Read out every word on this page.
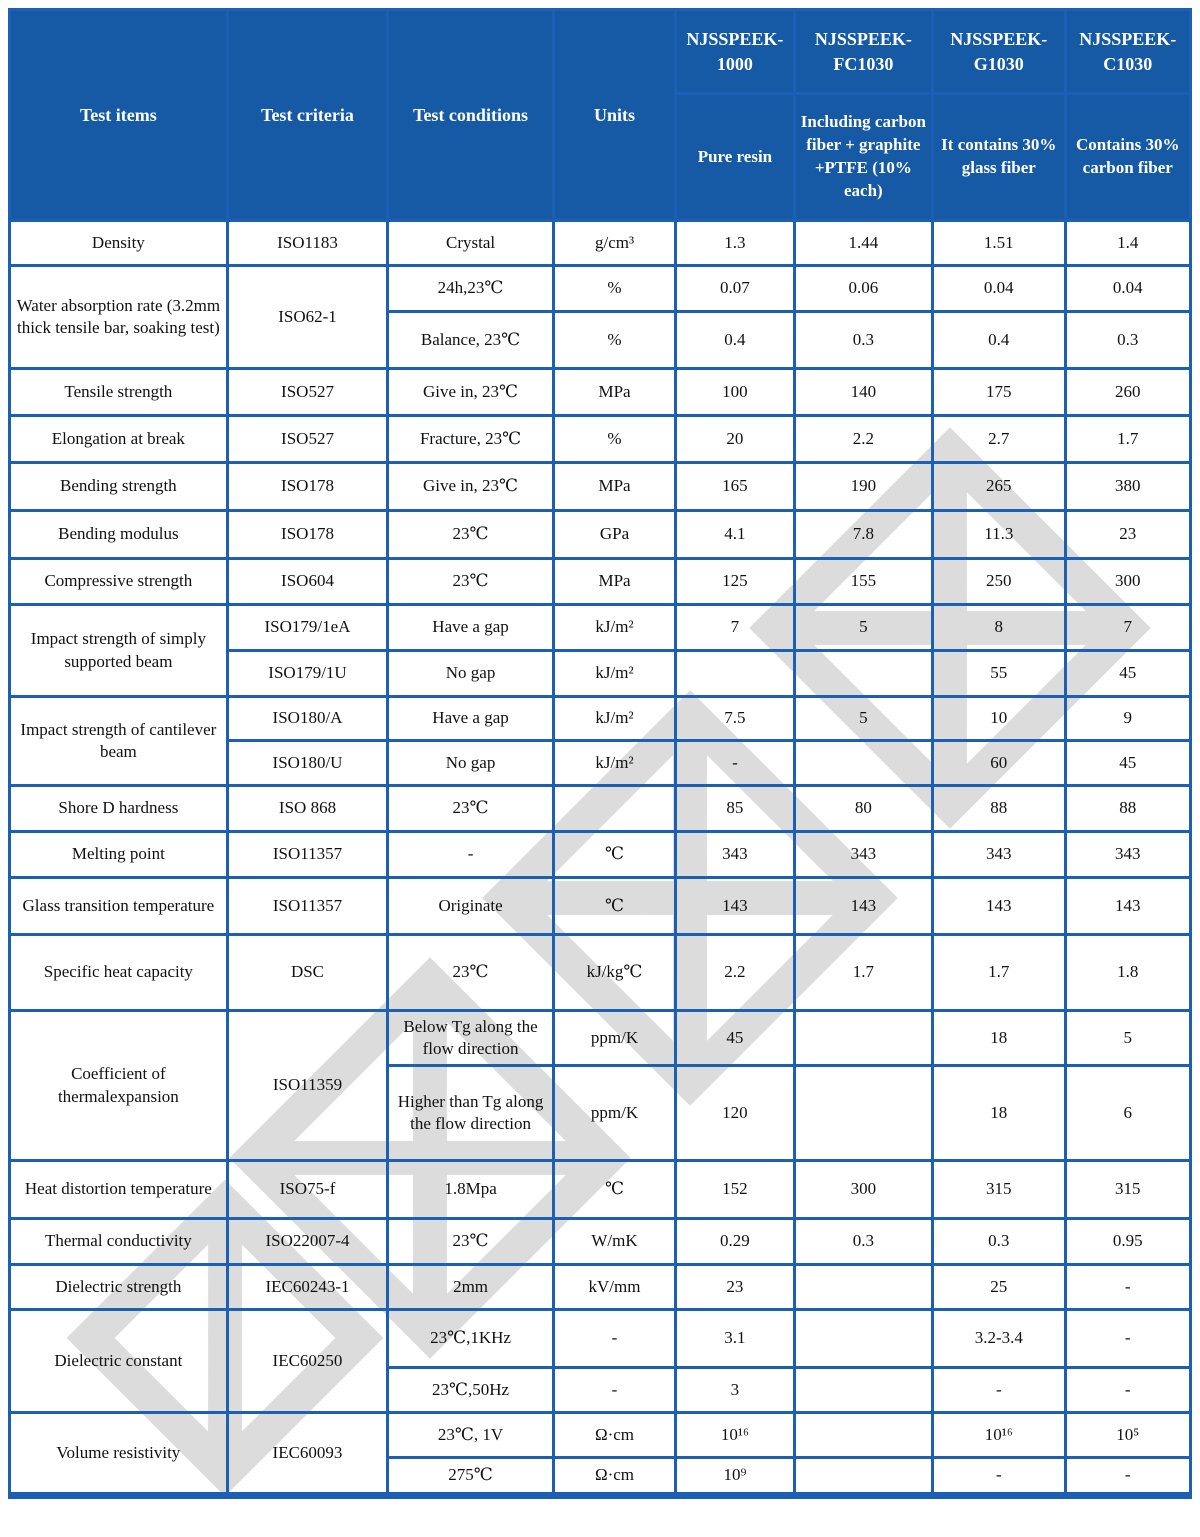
Test items	Test criteria	Test conditions	Units	NJSSPEEK-1000	NJSSPEEK-FC1030	NJSSPEEK-G1030	NJSSPEEK-C1030
				Pure resin	Including carbon fiber + graphite +PTFE (10% each)	It contains 30% glass fiber	Contains 30% carbon fiber
Density	ISO1183	Crystal	g/cm³	1.3	1.44	1.51	1.4
Water absorption rate (3.2mm thick tensile bar, soaking test)	ISO62-1	24h,23℃	%	0.07	0.06	0.04	0.04
		Balance, 23℃	%	0.4	0.3	0.4	0.3
Tensile strength	ISO527	Give in, 23℃	MPa	100	140	175	260
Elongation at break	ISO527	Fracture, 23℃	%	20	2.2	2.7	1.7
Bending strength	ISO178	Give in, 23℃	MPa	165	190	265	380
Bending modulus	ISO178	23℃	GPa	4.1	7.8	11.3	23
Compressive strength	ISO604	23℃	MPa	125	155	250	300
Impact strength of simply supported beam	ISO179/1eA	Have a gap	kJ/m²	7	5	8	7
	ISO179/1U	No gap	kJ/m²			55	45
Impact strength of cantilever beam	ISO180/A	Have a gap	kJ/m²	7.5	5	10	9
	ISO180/U	No gap	kJ/m²	-		60	45
Shore D hardness	ISO 868	23℃		85	80	88	88
Melting point	ISO11357	-	℃	343	343	343	343
Glass transition temperature	ISO11357	Originate	℃	143	143	143	143
Specific heat capacity	DSC	23℃	kJ/kg℃	2.2	1.7	1.7	1.8
Coefficient of thermalexpansion	ISO11359	Below Tg along the flow direction	ppm/K	45		18	5
		Higher than Tg along the flow direction	ppm/K	120		18	6
Heat distortion temperature	ISO75-f	1.8Mpa	℃	152	300	315	315
Thermal conductivity	ISO22007-4	23℃	W/mK	0.29	0.3	0.3	0.95
Dielectric strength	IEC60243-1	2mm	kV/mm	23		25	-
Dielectric constant	IEC60250	23℃,1KHz	-	3.1		3.2-3.4	-
		23℃,50Hz	-	3		-	-
Volume resistivity	IEC60093	23℃, 1V	Ω·cm	10¹⁶		10¹⁶	10⁵
		275℃	Ω·cm	10⁹		-	-
